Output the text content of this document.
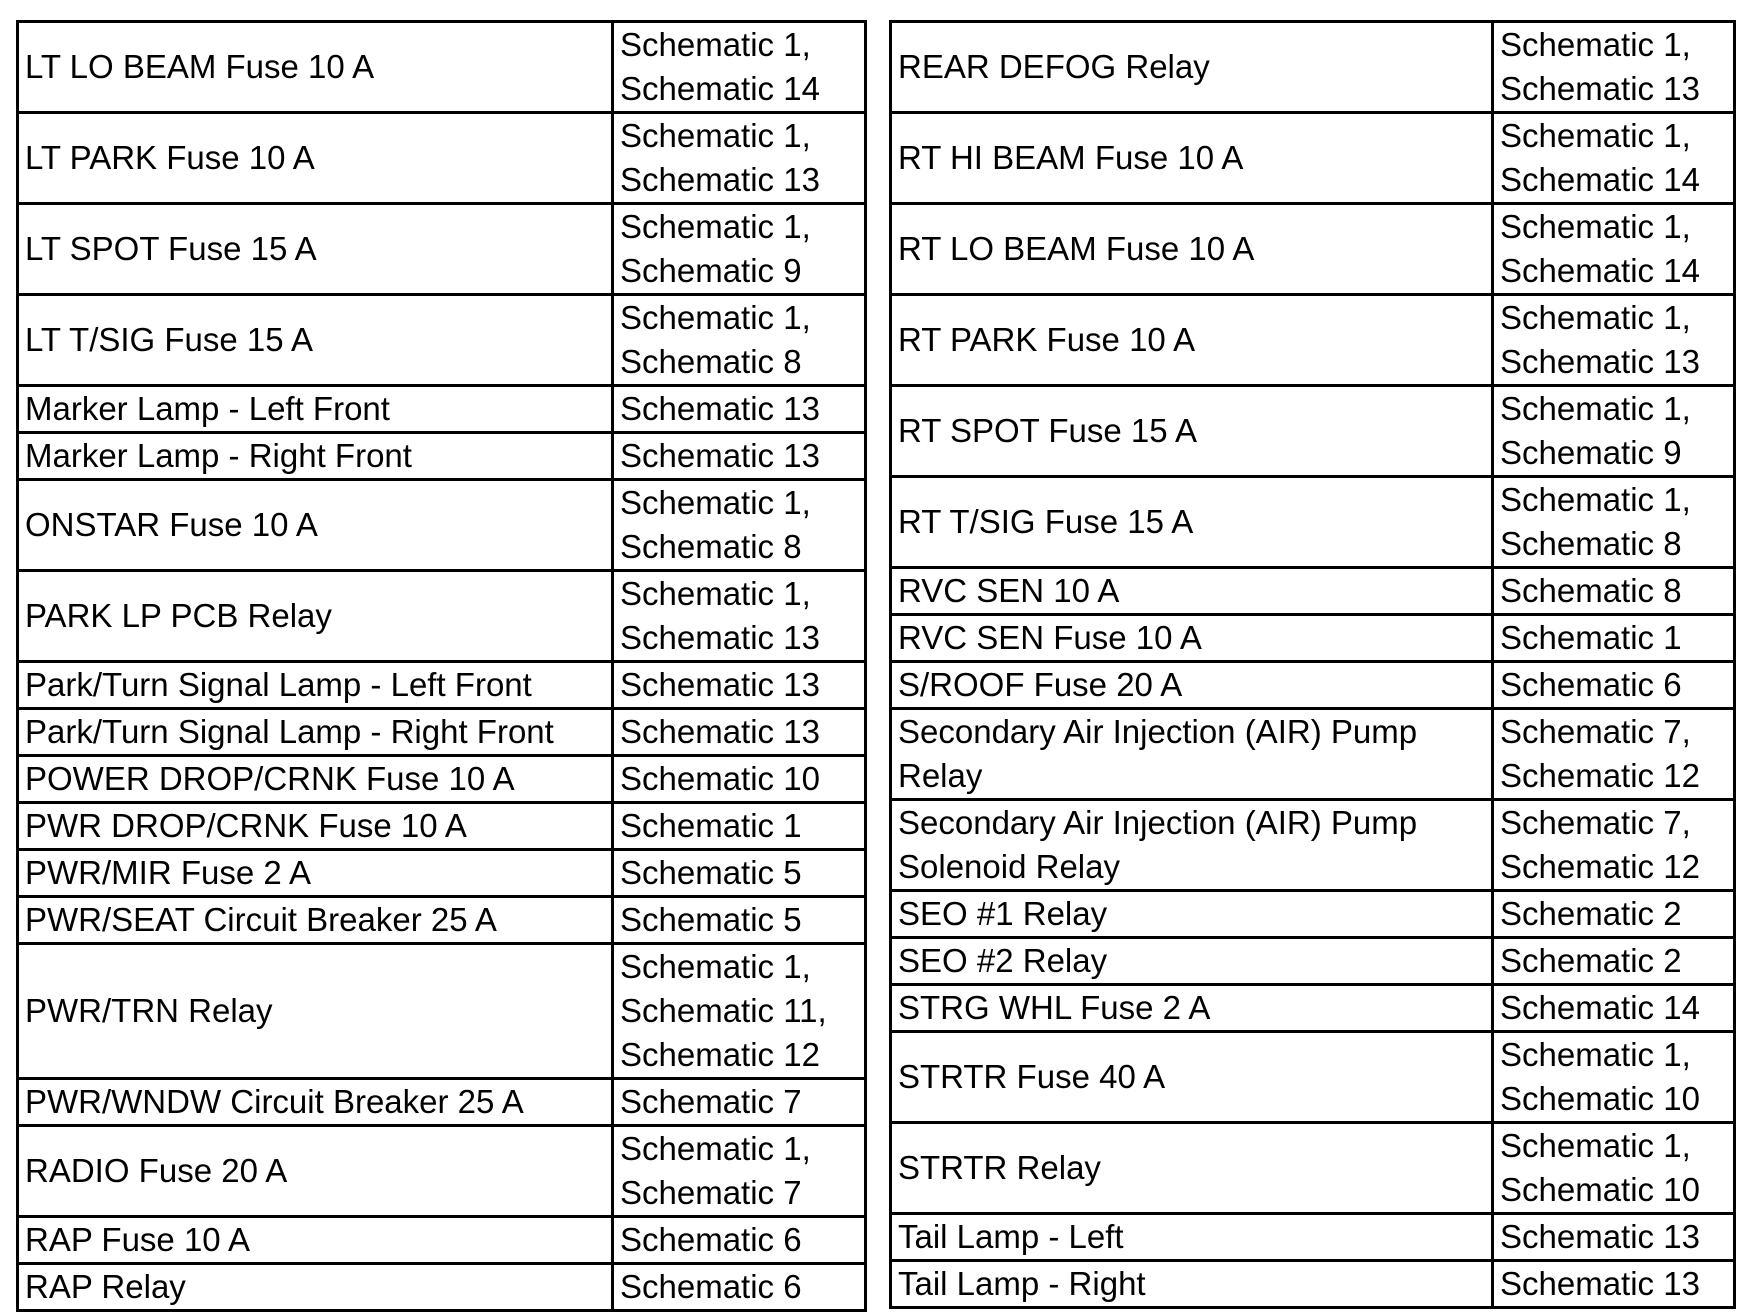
LT LO BEAM Fuse 10 A	Schematic 1,
Schematic 14

LT PARK Fuse 10 A	Schematic 1,
Schematic 13

LT SPOT Fuse 15 A	Schematic 1,
Schematic 9

LT T/SIG Fuse 15 A	Schematic 1,
Schematic 8

Marker Lamp - Left Front	Schematic 13

Marker Lamp - Right Front	Schematic 13

ONSTAR Fuse 10 A	Schematic 1,
Schematic 8

PARK LP PCB Relay	Schematic 1,
Schematic 13

Park/Turn Signal Lamp - Left Front	Schematic 13

Park/Turn Signal Lamp - Right Front	Schematic 13

POWER DROP/CRNK Fuse 10 A	Schematic 10

PWR DROP/CRNK Fuse 10 A	Schematic 1

PWR/MIR Fuse 2 A	Schematic 5

PWR/SEAT Circuit Breaker 25 A	Schematic 5

PWR/TRN Relay	Schematic 1,
Schematic 11,
Schematic 12

PWR/WNDW Circuit Breaker 25 A	Schematic 7

RADIO Fuse 20 A	Schematic 1,
Schematic 7

RAP Fuse 10 A	Schematic 6

RAP Relay	Schematic 6
REAR DEFOG Relay	Schematic 1,
Schematic 13

RT HI BEAM Fuse 10 A	Schematic 1,
Schematic 14

RT LO BEAM Fuse 10 A	Schematic 1,
Schematic 14

RT PARK Fuse 10 A	Schematic 1,
Schematic 13

RT SPOT Fuse 15 A	Schematic 1,
Schematic 9

RT T/SIG Fuse 15 A	Schematic 1,
Schematic 8

RVC SEN 10 A	Schematic 8

RVC SEN Fuse 10 A	Schematic 1

S/ROOF Fuse 20 A	Schematic 6

Secondary Air Injection (AIR) Pump Relay	Schematic 7,
Schematic 12

Secondary Air Injection (AIR) Pump Solenoid Relay	Schematic 7,
Schematic 12

SEO #1 Relay	Schematic 2

SEO #2 Relay	Schematic 2

STRG WHL Fuse 2 A	Schematic 14

STRTR Fuse 40 A	Schematic 1,
Schematic 10

STRTR Relay	Schematic 1,
Schematic 10

Tail Lamp - Left	Schematic 13

Tail Lamp - Right	Schematic 13
